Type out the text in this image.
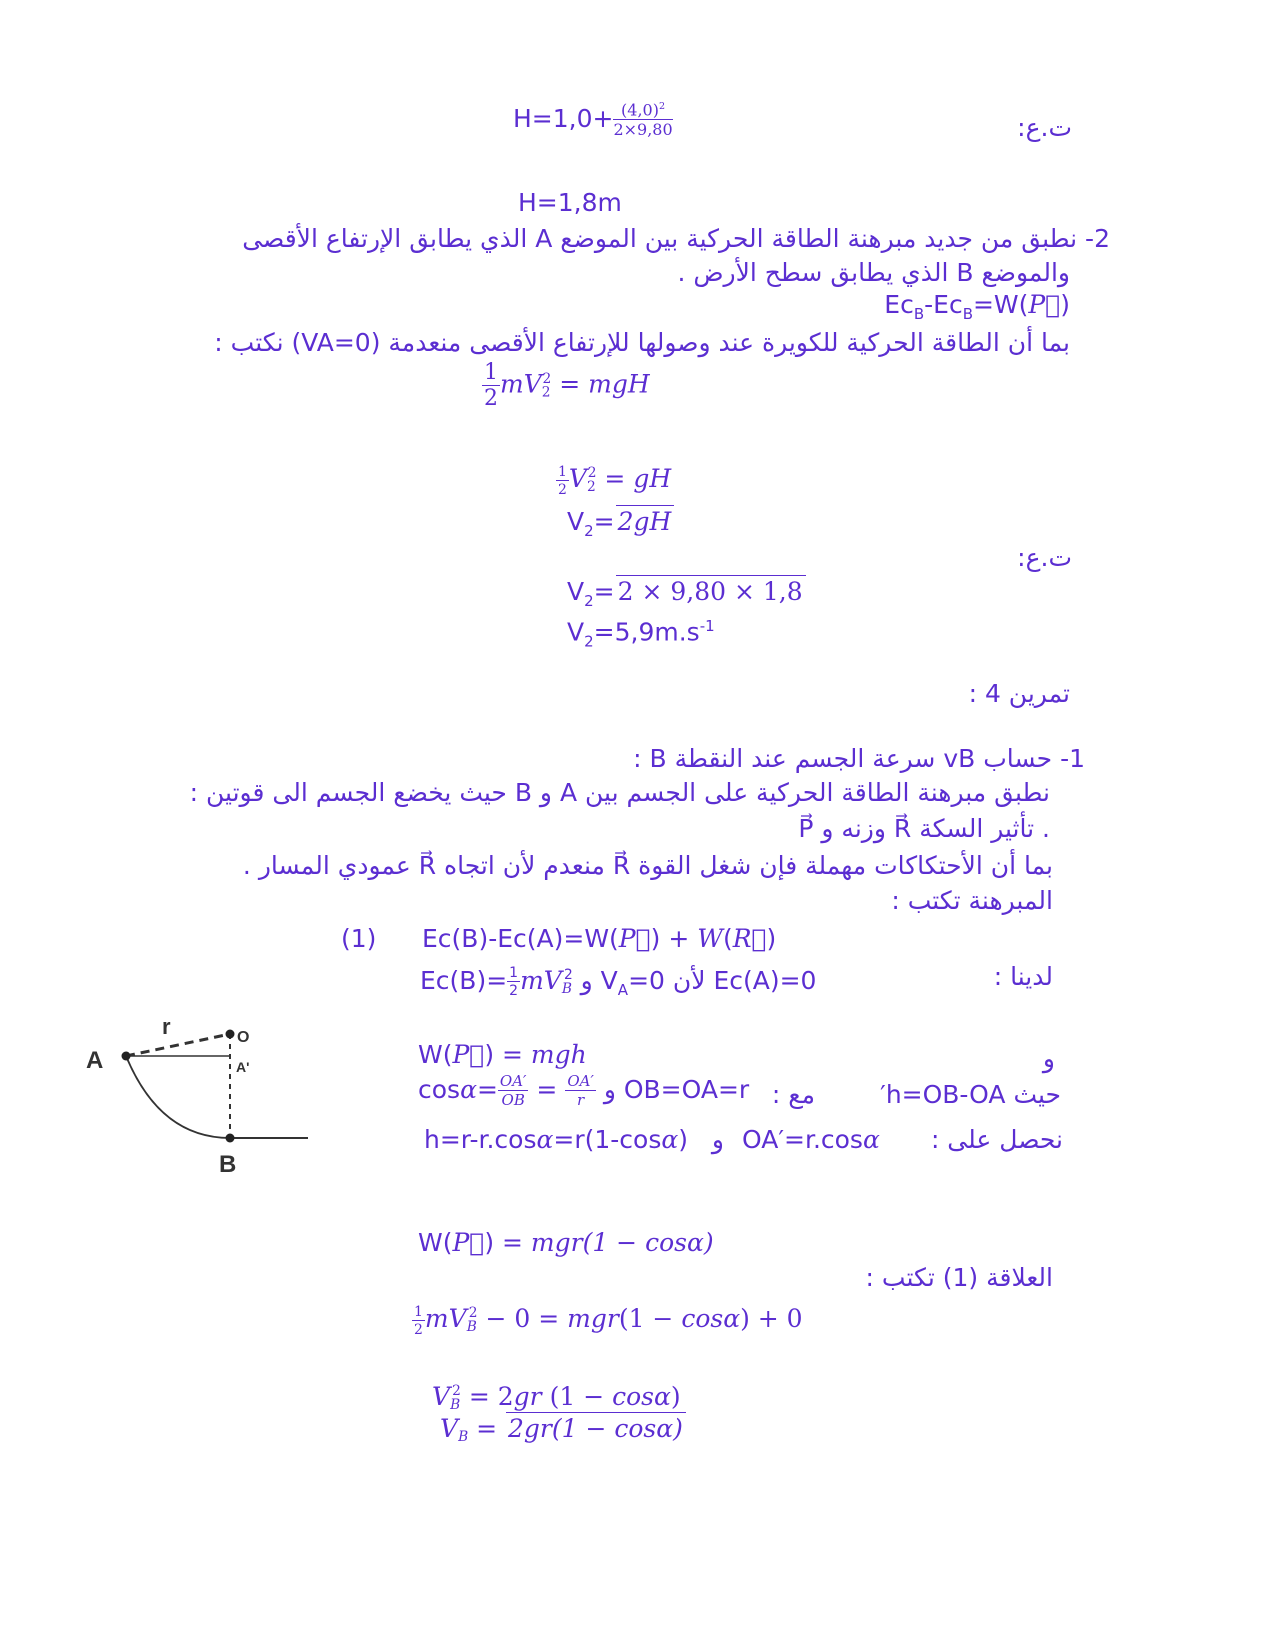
ت.ع:
$H=1,0+ \frac{(4,0)^2}{2\times 9,80}$
H=1,8m
2- نطبق من جديد مبرهنة الطاقة الحركية بين الموضع A الذي يطابق الإرتفاع الأقصى
والموضع B الذي يطابق سطح الأرض .
$Ec_B-Ec_B=W(P⃗)$
بما أن الطاقة الحركية للكويرة عند وصولها للإرتفاع الأقصى منعدمة (VA=0) نكتب :
$\frac{1}{2} mV2^2$ = mgH
$\frac{1}{2} V2^2$ = gH
$V_2= 2gH$
ت.ع:
$V_2= 2 \times 9,80 \times 1,8$
$V_2=5,9m.s^{-1}$
تمرين 4 :
1- حساب vB سرعة الجسم عند النقطة B :
نطبق مبرهنة الطاقة الحركية على الجسم بين A و B حيث يخضع الجسم الى قوتين :
P⃗ وزنه و R⃗ تأثير السكة .
بما أن الأحتكاكات مهملة فإن شغل القوة R⃗ منعدم لأن اتجاه R⃗ عمودي المسار .
المبرهنة تكتب :
(1) Ec(B)-Ec(A)=W(P⃗) + W(R⃗)
لدينا :
$Ec(B)= \frac{1}{2} mVB^2$ و $V_A=0$ لأن Ec(A)=0
A
B
O
r
A'	و
W(P⃗) = mgh
حيث h=OB-OA′
مع :
$\cos\alpha= \frac{OA'}{OB} = \frac{OA'}{r}$ و OB=OA=r
نحصل على :
OA′=r.cosα
h=r-r.cosα=r(1-cosα)   و
W(P⃗) = mgr(1 − cosα)
العلاقة (1) تكتب :
$\frac{1}{2} mVB^2 - 0 = mgr(1 - \cos\alpha) + 0$
$VB^2 = 2gr$ (1 − cosα)
VB = 2gr(1 − cosα)
